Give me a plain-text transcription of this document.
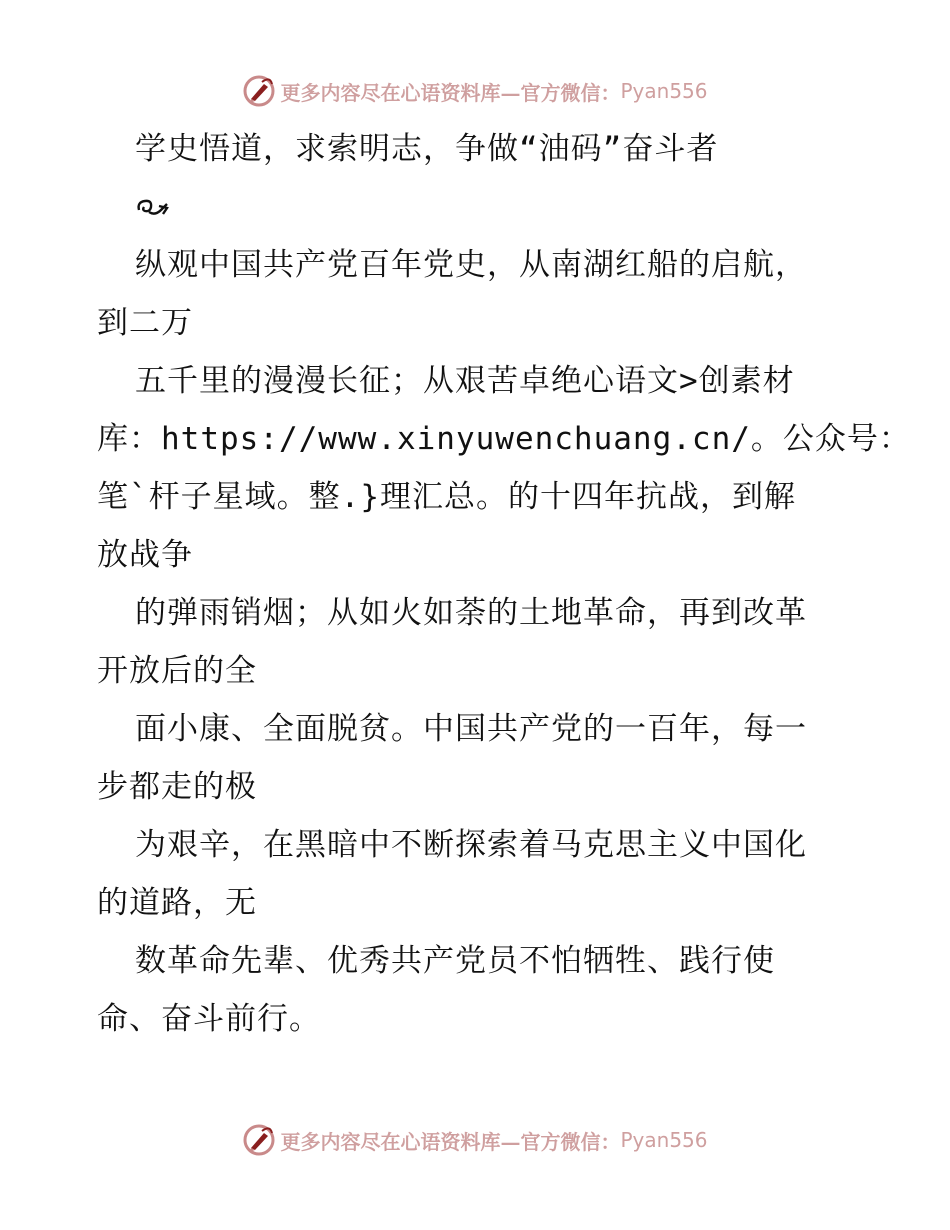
更多内容尽在心语资料库— 官方微信： Pyan556
学史悟道，求索明志，争做“油码”奋斗者
纵观中国共产党百年党史，从南湖红船的启航，
到二万
五千里的漫漫长征；从艰苦卓绝心语文>创素材
库：https://www.xinyuwenchuang.cn/。公众号：
笔`杆子星域。整.}理汇总。的十四年抗战，到解
放战争
的弹雨销烟；从如火如荼的土地革命，再到改革
开放后的全
面小康、全面脱贫。中国共产党的一百年，每一
步都走的极
为艰辛，在黑暗中不断探索着马克思主义中国化
的道路，无
数革命先辈、优秀共产党员不怕牺牲、践行使
命、奋斗前行。
更多内容尽在心语资料库— 官方微信： Pyan556
